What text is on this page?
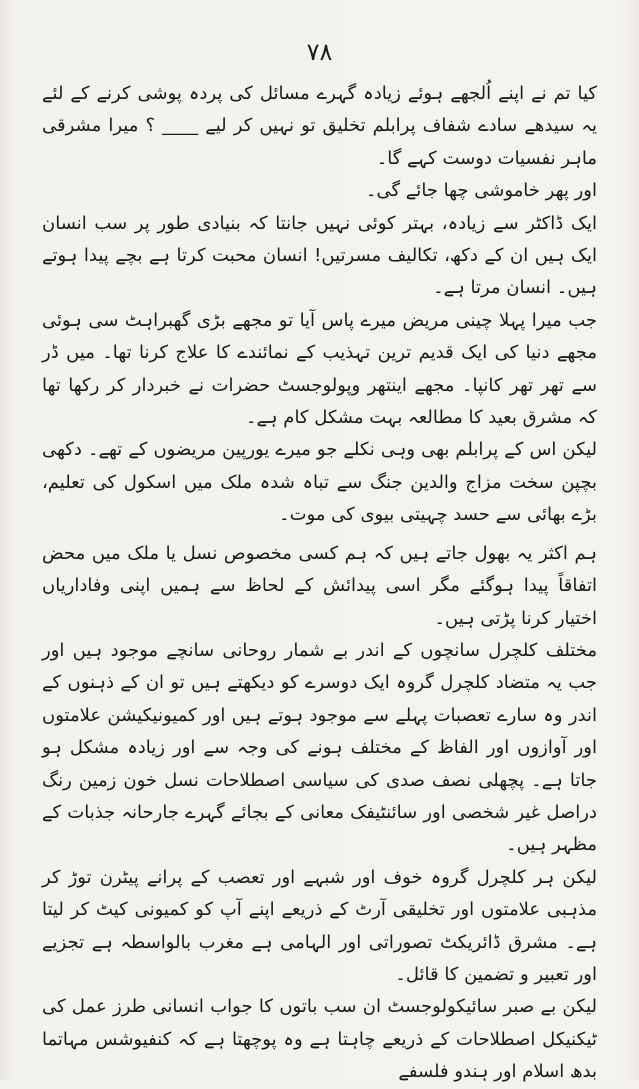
٧٨

کیا تم نے اپنے اُلجھے ہوئے زیادہ گہرے مسائل کی پردہ پوشی کرنے کے لئے یہ سیدھے سادے شفاف پرابلم تخلیق تو نہیں کر لیے ____ ؟ میرا مشرقی ماہر نفسیات دوست کہے گا۔

اور پھر خاموشی چھا جائے گی۔

ایک ڈاکٹر سے زیادہ، بہتر کوئی نہیں جانتا کہ بنیادی طور پر سب انسان ایک ہیں ان کے دکھ، تکالیف مسرتیں! انسان محبت کرتا ہے بچے پیدا ہوتے ہیں۔ انسان مرتا ہے۔

جب میرا پہلا چینی مریض میرے پاس آیا تو مجھے بڑی گھبراہٹ سی ہوئی مجھے دنیا کی ایک قدیم ترین تہذیب کے نمائندے کا علاج کرنا تھا۔ میں ڈر سے تھر تھر کانپا۔ مجھے اینتھر وپولوجسٹ حضرات نے خبردار کر رکھا تھا کہ مشرق بعید کا مطالعہ بہت مشکل کام ہے۔

لیکن اس کے پرابلم بھی وہی نکلے جو میرے یورپین مریضوں کے تھے۔ دکھی بچپن سخت مزاج والدین جنگ سے تباہ شدہ ملک میں اسکول کی تعلیم، بڑے بھائی سے حسد چہیتی بیوی کی موت۔

ہم اکثر یہ بھول جاتے ہیں کہ ہم کسی مخصوص نسل یا ملک میں محض اتفاقاً پیدا ہوگئے مگر اسی پیدائش کے لحاظ سے ہمیں اپنی وفاداریاں اختیار کرنا پڑتی ہیں۔

مختلف کلچرل سانچوں کے اندر بے شمار روحانی سانچے موجود ہیں اور جب یہ متضاد کلچرل گروہ ایک دوسرے کو دیکھتے ہیں تو ان کے ذہنوں کے اندر وہ سارے تعصبات پہلے سے موجود ہوتے ہیں اور کمیونیکیشن علامتوں اور آوازوں اور الفاظ کے مختلف ہونے کی وجہ سے اور زیادہ مشکل ہو جاتا ہے۔ پچھلی نصف صدی کی سیاسی اصطلاحات نسل خون زمین رنگ دراصل غیر شخصی اور سائنٹیفک معانی کے بجائے گہرے جارحانہ جذبات کے مظہر ہیں۔

لیکن ہر کلچرل گروہ خوف اور شبہے اور تعصب کے پرانے پیٹرن توڑ کر مذہبی علامتوں اور تخلیقی آرٹ کے ذریعے اپنے آپ کو کمیونی کیٹ کر لیتا ہے۔ مشرق ڈائریکٹ تصوراتی اور الہامی ہے مغرب بالواسطہ ہے تجزیے اور تعبیر و تضمین کا قائل۔

لیکن بے صبر سائیکولوجسٹ ان سب باتوں کا جواب انسانی طرز عمل کی ٹیکنیکل اصطلاحات کے ذریعے چاہتا ہے وہ پوچھتا ہے کہ کنفیوشس مہاتما بدھ اسلام اور ہندو فلسفے
